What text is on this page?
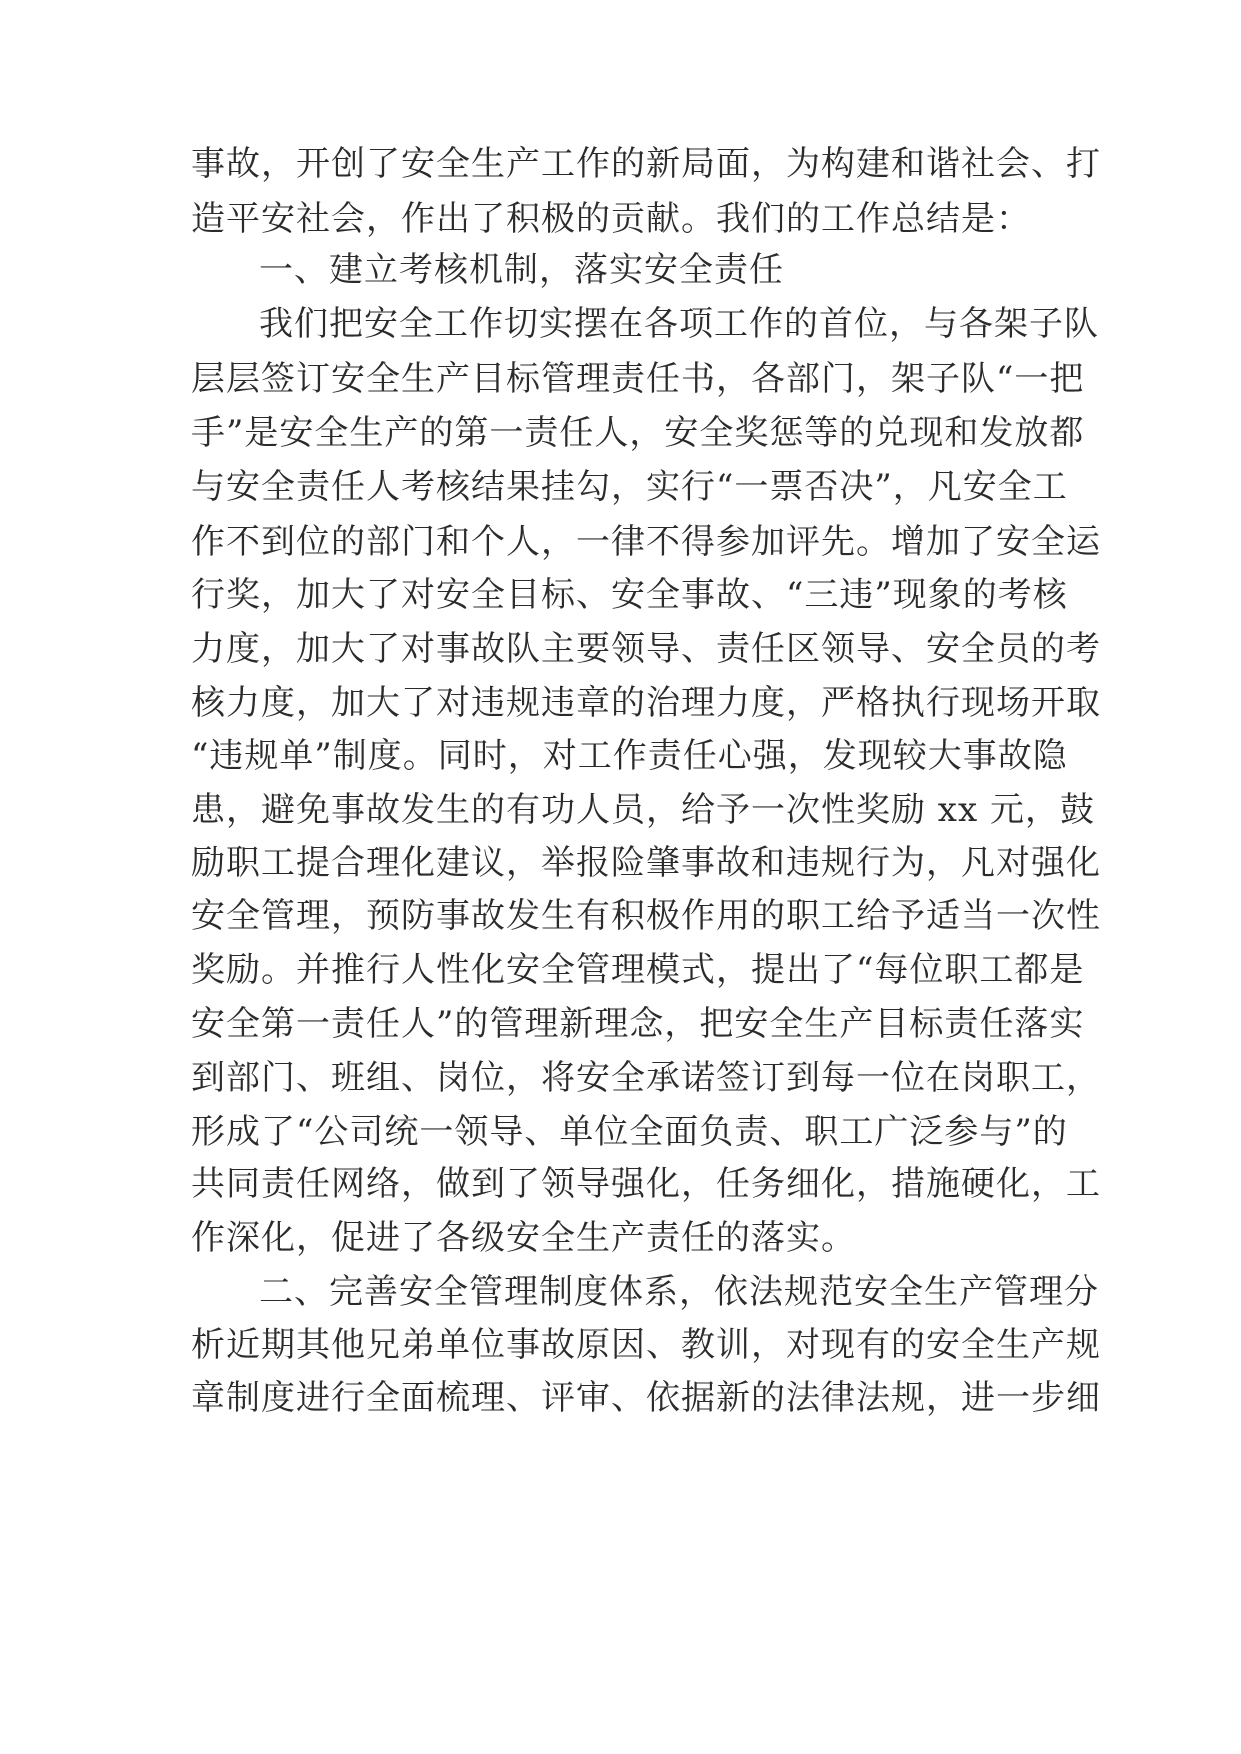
事故，开创了安全生产工作的新局面，为构建和谐社会、打
造平安社会，作出了积极的贡献。我们的工作总结是：
一、建立考核机制，落实安全责任
我们把安全工作切实摆在各项工作的首位，与各架子队
层层签订安全生产目标管理责任书，各部门，架子队“一把
手”是安全生产的第一责任人，安全奖惩等的兑现和发放都
与安全责任人考核结果挂勾，实行“一票否决”，凡安全工
作不到位的部门和个人，一律不得参加评先。增加了安全运
行奖，加大了对安全目标、安全事故、“三违”现象的考核
力度，加大了对事故队主要领导、责任区领导、安全员的考
核力度，加大了对违规违章的治理力度，严格执行现场开取
“违规单”制度。同时，对工作责任心强，发现较大事故隐
患，避免事故发生的有功人员，给予一次性奖励 xx 元，鼓
励职工提合理化建议，举报险肇事故和违规行为，凡对强化
安全管理，预防事故发生有积极作用的职工给予适当一次性
奖励。并推行人性化安全管理模式，提出了“每位职工都是
安全第一责任人”的管理新理念，把安全生产目标责任落实
到部门、班组、岗位，将安全承诺签订到每一位在岗职工，
形成了“公司统一领导、单位全面负责、职工广泛参与”的
共同责任网络，做到了领导强化，任务细化，措施硬化，工
作深化，促进了各级安全生产责任的落实。
二、完善安全管理制度体系，依法规范安全生产管理分
析近期其他兄弟单位事故原因、教训，对现有的安全生产规
章制度进行全面梳理、评审、依据新的法律法规，进一步细
